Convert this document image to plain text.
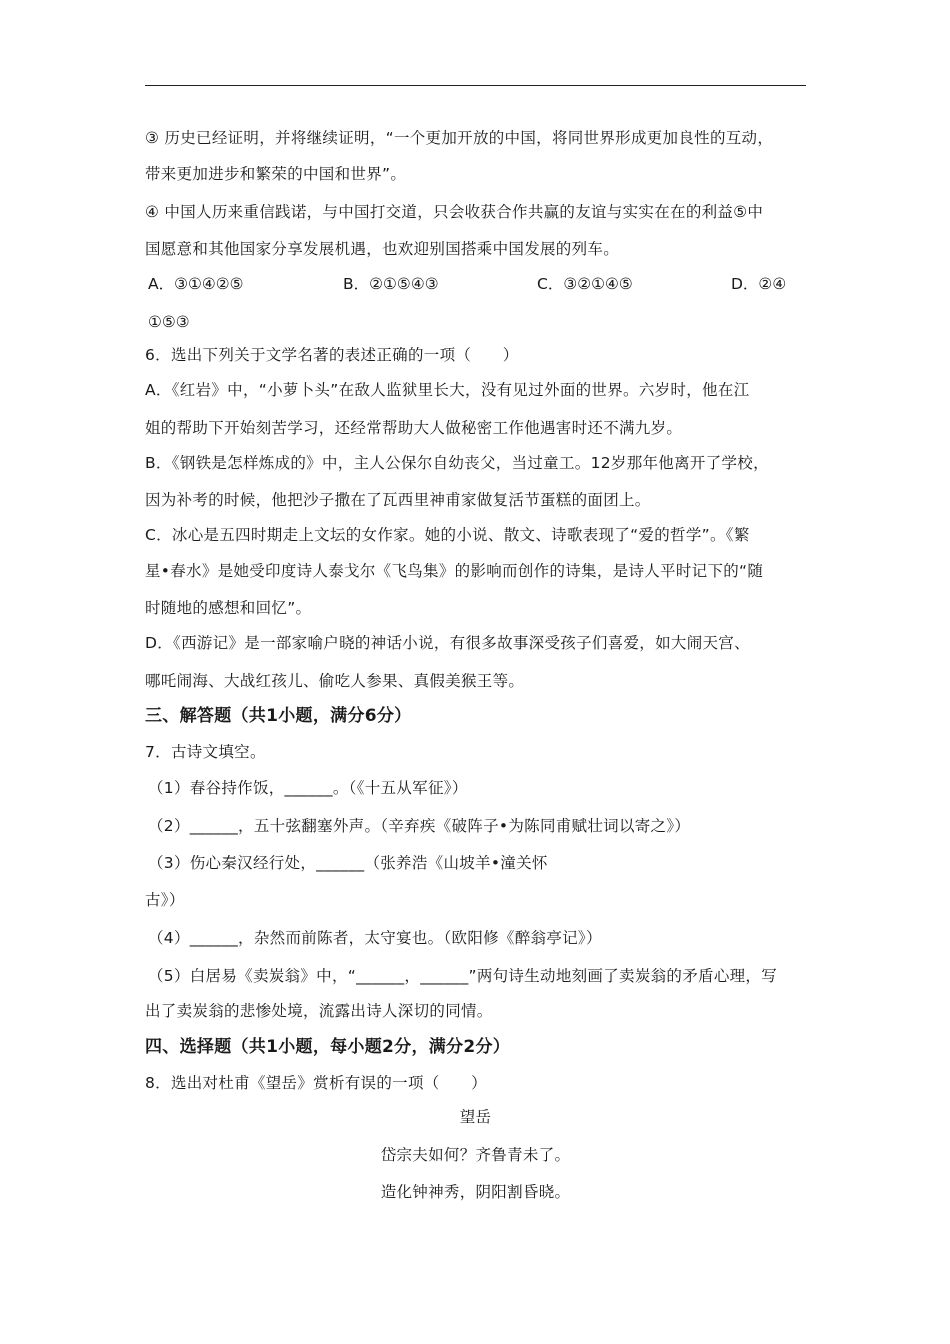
③ 历史已经证明，并将继续证明，“一个更加开放的中国，将同世界形成更加良性的互动，
带来更加进步和繁荣的中国和世界”。
④ 中国人历来重信践诺，与中国打交道，只会收获合作共赢的友谊与实实在在的利益⑤中
国愿意和其他国家分享发展机遇，也欢迎别国搭乘中国发展的列车。
A．③①④②⑤	B．②①⑤④③	C．③②①④⑤	D．②④
①⑤③
6．选出下列关于文学名著的表述正确的一项（　　）
A．《红岩》中，“小萝卜头”在敌人监狱里长大，没有见过外面的世界。六岁时，他在江
姐的帮助下开始刻苦学习，还经常帮助大人做秘密工作他遇害时还不满九岁。
B．《钢铁是怎样炼成的》中，主人公保尔自幼丧父，当过童工。12岁那年他离开了学校，
因为补考的时候，他把沙子撒在了瓦西里神甫家做复活节蛋糕的面团上。
C．冰心是五四时期走上文坛的女作家。她的小说、散文、诗歌表现了“爱的哲学”。《繁
星•春水》是她受印度诗人泰戈尔《飞鸟集》的影响而创作的诗集，是诗人平时记下的“随
时随地的感想和回忆”。
D．《西游记》是一部家喻户晓的神话小说，有很多故事深受孩子们喜爱，如大闹天宫、
哪吒闹海、大战红孩儿、偷吃人参果、真假美猴王等。
三、解答题（共1小题，满分6分）
7．古诗文填空。
（1）春谷持作饭，______。（《十五从军征》）
（2）______，五十弦翻塞外声。（辛弃疾《破阵子•为陈同甫赋壮词以寄之》）
（3）伤心秦汉经行处，______（张养浩《山坡羊•潼关怀
古》）
（4）______，杂然而前陈者，太守宴也。（欧阳修《醉翁亭记》）
（5）白居易《卖炭翁》中，“______，______”两句诗生动地刻画了卖炭翁的矛盾心理，写
出了卖炭翁的悲惨处境，流露出诗人深切的同情。
四、选择题（共1小题，每小题2分，满分2分）
8．选出对杜甫《望岳》赏析有误的一项（　　）
望岳
岱宗夫如何？齐鲁青未了。
造化钟神秀，阴阳割昏晓。
